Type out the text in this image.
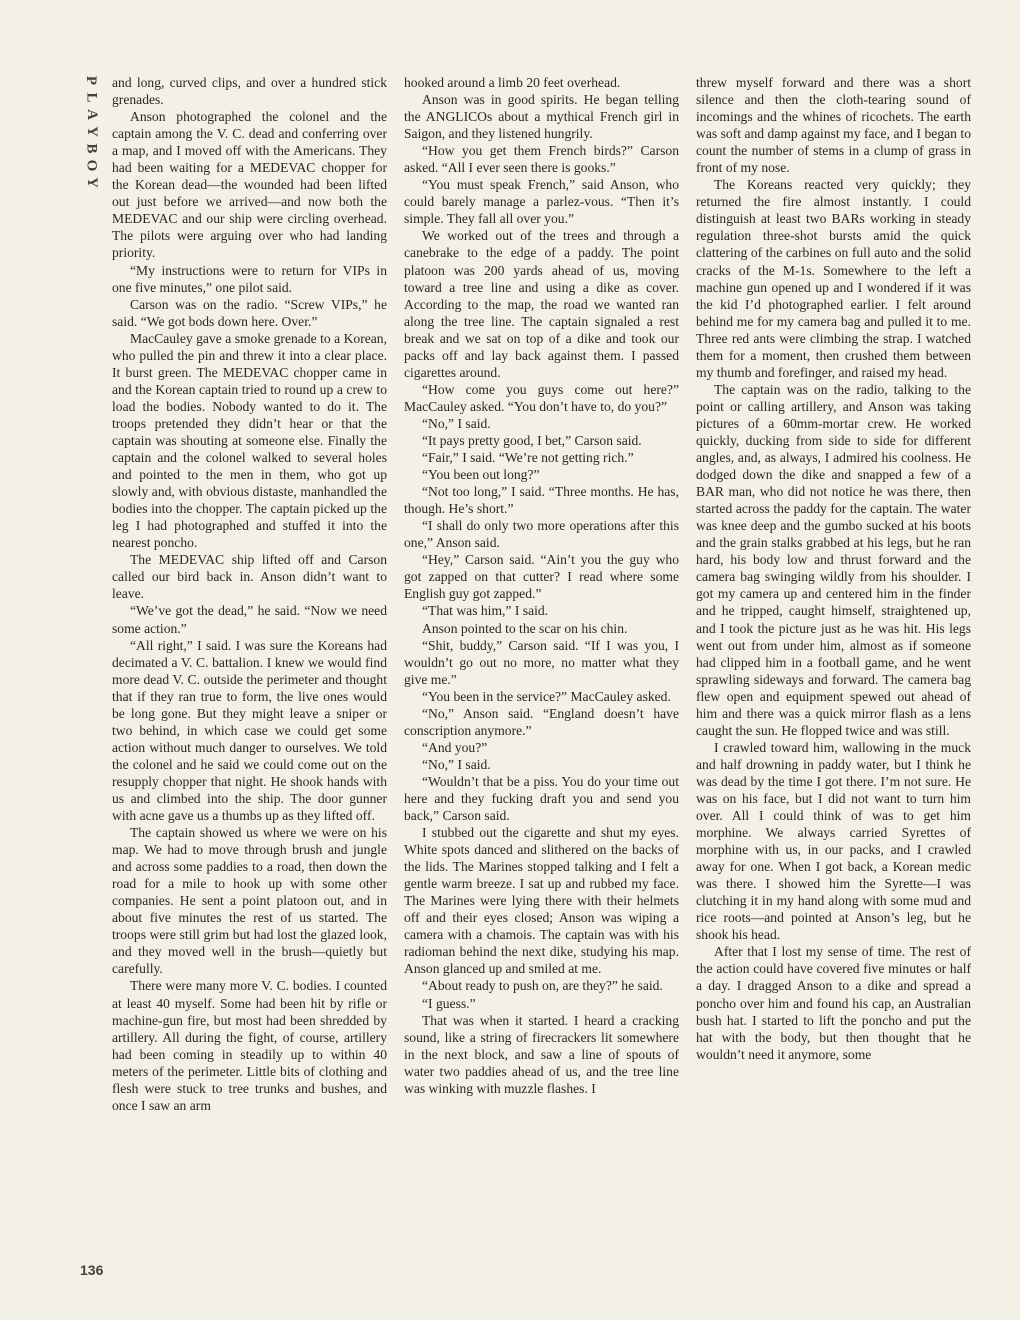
P
L
A
Y
B
O
Y
136

and long, curved clips, and over a hundred stick grenades.

Anson photographed the colonel and the captain among the V. C. dead and conferring over a map, and I moved off with the Americans. They had been waiting for a MEDEVAC chopper for the Korean dead—the wounded had been lifted out just before we arrived—and now both the MEDEVAC and our ship were circling overhead. The pilots were arguing over who had landing priority.

“My instructions were to return for VIPs in one five minutes,” one pilot said.

Carson was on the radio. “Screw VIPs,” he said. “We got bods down here. Over.”

MacCauley gave a smoke grenade to a Korean, who pulled the pin and threw it into a clear place. It burst green. The MEDEVAC chopper came in and the Korean captain tried to round up a crew to load the bodies. Nobody wanted to do it. The troops pretended they didn’t hear or that the captain was shouting at someone else. Finally the captain and the colonel walked to several holes and pointed to the men in them, who got up slowly and, with obvious distaste, manhandled the bodies into the chopper. The captain picked up the leg I had photographed and stuffed it into the nearest poncho.

The MEDEVAC ship lifted off and Carson called our bird back in. Anson didn’t want to leave.

“We’ve got the dead,” he said. “Now we need some action.”

“All right,” I said. I was sure the Koreans had decimated a V. C. battalion. I knew we would find more dead V. C. outside the perimeter and thought that if they ran true to form, the live ones would be long gone. But they might leave a sniper or two behind, in which case we could get some action without much danger to ourselves. We told the colonel and he said we could come out on the resupply chopper that night. He shook hands with us and climbed into the ship. The door gunner with acne gave us a thumbs up as they lifted off.

The captain showed us where we were on his map. We had to move through brush and jungle and across some paddies to a road, then down the road for a mile to hook up with some other companies. He sent a point platoon out, and in about five minutes the rest of us started. The troops were still grim but had lost the glazed look, and they moved well in the brush—quietly but carefully.

There were many more V. C. bodies. I counted at least 40 myself. Some had been hit by rifle or machine-gun fire, but most had been shredded by artillery. All during the fight, of course, artillery had been coming in steadily up to within 40 meters of the perimeter. Little bits of clothing and flesh were stuck to tree trunks and bushes, and once I saw an arm

hooked around a limb 20 feet overhead.

Anson was in good spirits. He began telling the ANGLICOs about a mythical French girl in Saigon, and they listened hungrily.

“How you get them French birds?” Carson asked. “All I ever seen there is gooks.”

“You must speak French,” said Anson, who could barely manage a parlez-vous. “Then it’s simple. They fall all over you.”

We worked out of the trees and through a canebrake to the edge of a paddy. The point platoon was 200 yards ahead of us, moving toward a tree line and using a dike as cover. According to the map, the road we wanted ran along the tree line. The captain signaled a rest break and we sat on top of a dike and took our packs off and lay back against them. I passed cigarettes around.

“How come you guys come out here?” MacCauley asked. “You don’t have to, do you?”

“No,” I said.

“It pays pretty good, I bet,” Carson said.

“Fair,” I said. “We’re not getting rich.”

“You been out long?”

“Not too long,” I said. “Three months. He has, though. He’s short.”

“I shall do only two more operations after this one,” Anson said.

“Hey,” Carson said. “Ain’t you the guy who got zapped on that cutter? I read where some English guy got zapped.”

“That was him,” I said.

Anson pointed to the scar on his chin.

“Shit, buddy,” Carson said. “If I was you, I wouldn’t go out no more, no matter what they give me.”

“You been in the service?” MacCauley asked.

“No,” Anson said. “England doesn’t have conscription anymore.”

“And you?”

“No,” I said.

“Wouldn’t that be a piss. You do your time out here and they fucking draft you and send you back,” Carson said.

I stubbed out the cigarette and shut my eyes. White spots danced and slithered on the backs of the lids. The Marines stopped talking and I felt a gentle warm breeze. I sat up and rubbed my face. The Marines were lying there with their helmets off and their eyes closed; Anson was wiping a camera with a chamois. The captain was with his radioman behind the next dike, studying his map. Anson glanced up and smiled at me.

“About ready to push on, are they?” he said.

“I guess.”

That was when it started. I heard a cracking sound, like a string of firecrackers lit somewhere in the next block, and saw a line of spouts of water two paddies ahead of us, and the tree line was winking with muzzle flashes. I

threw myself forward and there was a short silence and then the cloth-tearing sound of incomings and the whines of ricochets. The earth was soft and damp against my face, and I began to count the number of stems in a clump of grass in front of my nose.

The Koreans reacted very quickly; they returned the fire almost instantly. I could distinguish at least two BARs working in steady regulation three-shot bursts amid the quick clattering of the carbines on full auto and the solid cracks of the M-1s. Somewhere to the left a machine gun opened up and I wondered if it was the kid I’d photographed earlier. I felt around behind me for my camera bag and pulled it to me. Three red ants were climbing the strap. I watched them for a moment, then crushed them between my thumb and forefinger, and raised my head.

The captain was on the radio, talking to the point or calling artillery, and Anson was taking pictures of a 60mm-mortar crew. He worked quickly, ducking from side to side for different angles, and, as always, I admired his coolness. He dodged down the dike and snapped a few of a BAR man, who did not notice he was there, then started across the paddy for the captain. The water was knee deep and the gumbo sucked at his boots and the grain stalks grabbed at his legs, but he ran hard, his body low and thrust forward and the camera bag swinging wildly from his shoulder. I got my camera up and centered him in the finder and he tripped, caught himself, straightened up, and I took the picture just as he was hit. His legs went out from under him, almost as if someone had clipped him in a football game, and he went sprawling sideways and forward. The camera bag flew open and equipment spewed out ahead of him and there was a quick mirror flash as a lens caught the sun. He flopped twice and was still.

I crawled toward him, wallowing in the muck and half drowning in paddy water, but I think he was dead by the time I got there. I’m not sure. He was on his face, but I did not want to turn him over. All I could think of was to get him morphine. We always carried Syrettes of morphine with us, in our packs, and I crawled away for one. When I got back, a Korean medic was there. I showed him the Syrette—I was clutching it in my hand along with some mud and rice roots—and pointed at Anson’s leg, but he shook his head.

After that I lost my sense of time. The rest of the action could have covered five minutes or half a day. I dragged Anson to a dike and spread a poncho over him and found his cap, an Australian bush hat. I started to lift the poncho and put the hat with the body, but then thought that he wouldn’t need it anymore, some
